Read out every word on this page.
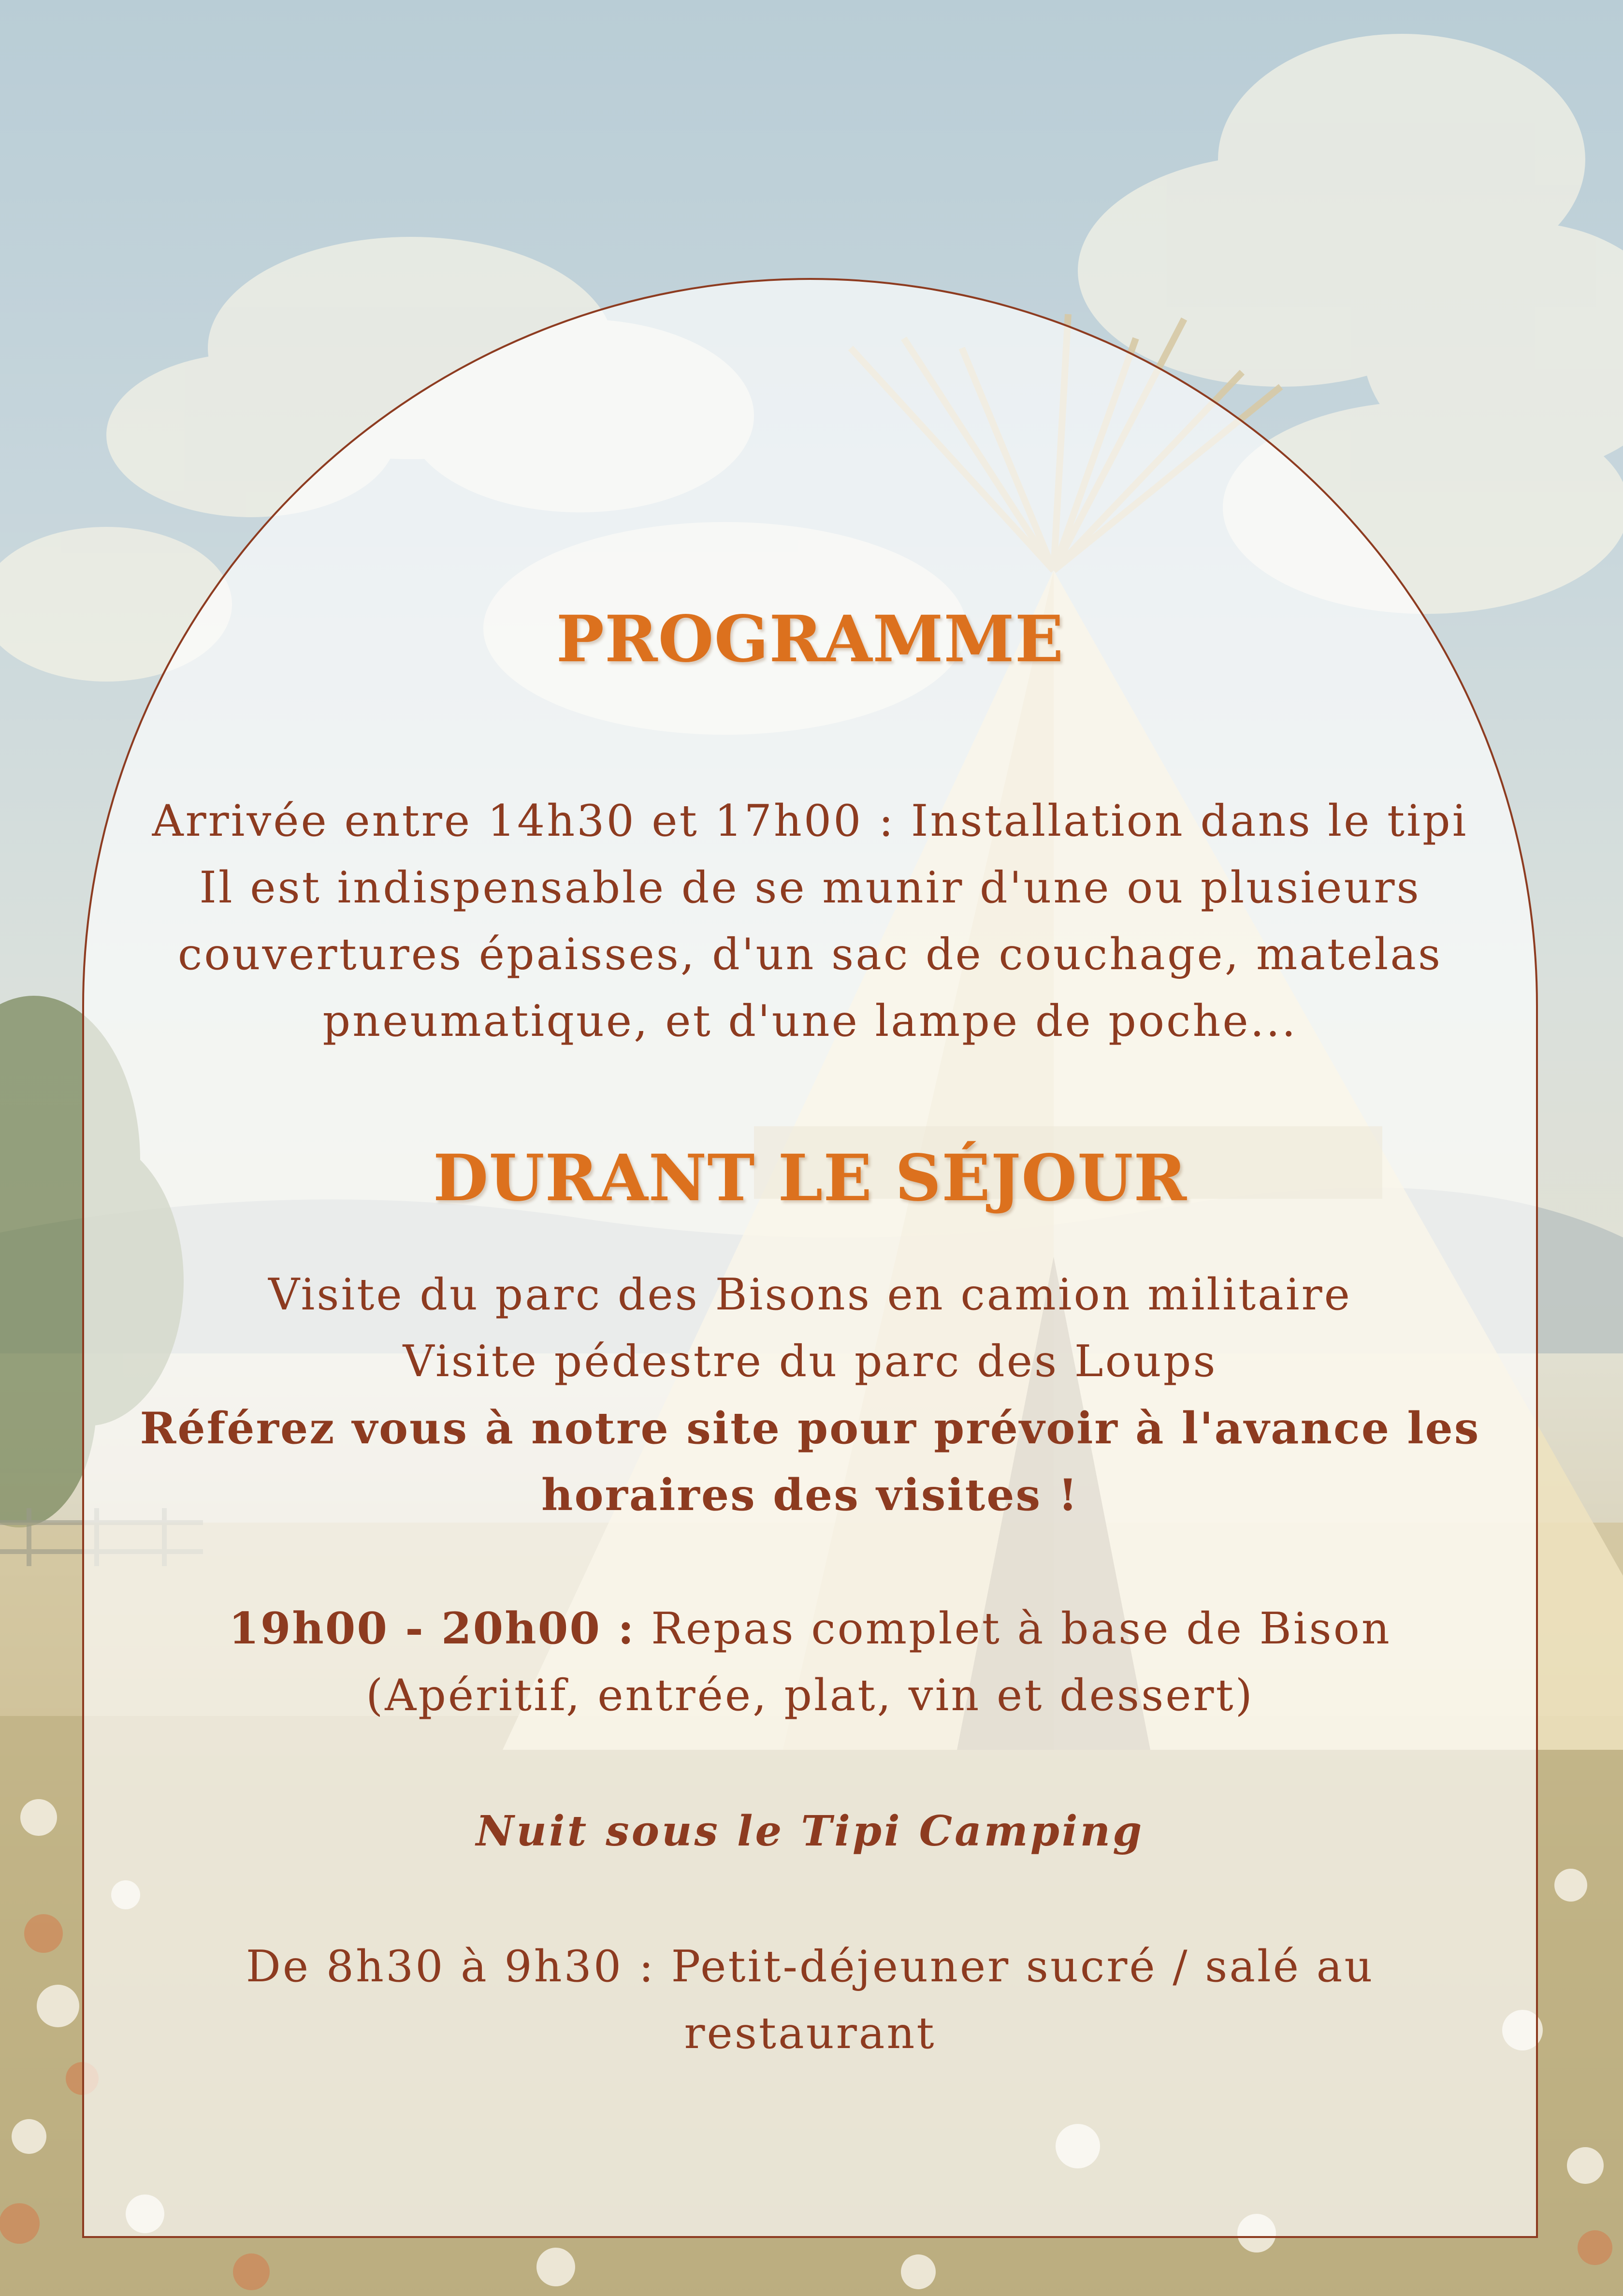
PROGRAMME

Arrivée entre 14h30 et 17h00 : Installation dans le tipi

Il est indispensable de se munir d'une ou plusieurs

couvertures épaisses, d'un sac de couchage, matelas

pneumatique, et d'une lampe de poche...

DURANT LE SÉJOUR

Visite du parc des Bisons en camion militaire

Visite pédestre du parc des Loups

Référez vous à notre site pour prévoir à l'avance les

horaires des visites !

19h00 - 20h00 : Repas complet à base de Bison

(Apéritif, entrée, plat, vin et dessert)

Nuit sous le Tipi Camping

De 8h30 à 9h30 : Petit-déjeuner sucré / salé au

restaurant
